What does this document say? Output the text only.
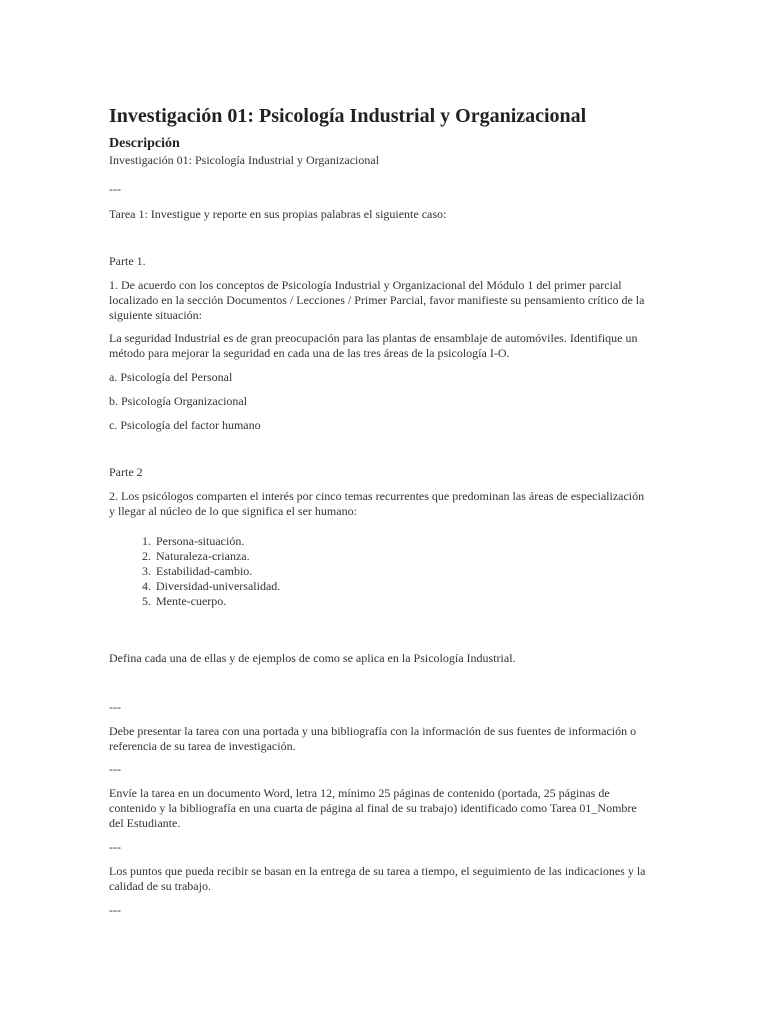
Investigación 01: Psicología Industrial y Organizacional
Descripción

Investigación 01: Psicología Industrial y Organizacional

---

Tarea 1: Investigue y reporte en sus propias palabras el siguiente caso:

Parte 1.

1. De acuerdo con los conceptos de Psicología Industrial y Organizacional del Módulo 1 del primer parcial localizado en la sección Documentos / Lecciones / Primer Parcial, favor manifieste su pensamiento crítico de la siguiente situación:

La seguridad Industrial es de gran preocupación para las plantas de ensamblaje de automóviles. Identifique un método para mejorar la seguridad en cada una de las tres áreas de la psicología I-O.

a. Psicología del Personal

b. Psicología Organizacional

c. Psicología del factor humano

Parte 2

2. Los psicólogos comparten el interés por cinco temas recurrentes que predominan las áreas de especialización y llegar al núcleo de lo que significa el ser humano:

1. Persona-situación.
2. Naturaleza-crianza.
3. Estabilidad-cambio.
4. Diversidad-universalidad.
5. Mente-cuerpo.

Defina cada una de ellas y de ejemplos de como se aplica en la Psicología Industrial.

---

Debe presentar la tarea con una portada y una bibliografía con la información de sus fuentes de información o referencia de su tarea de investigación.

---

Envíe la tarea en un documento Word, letra 12, mínimo 25 páginas de contenido (portada, 25 páginas de contenido y la bibliografía en una cuarta de página al final de su trabajo) identificado como Tarea 01_Nombre del Estudiante.

---

Los puntos que pueda recibir se basan en la entrega de su tarea a tiempo, el seguimiento de las indicaciones y la calidad de su trabajo.

---
